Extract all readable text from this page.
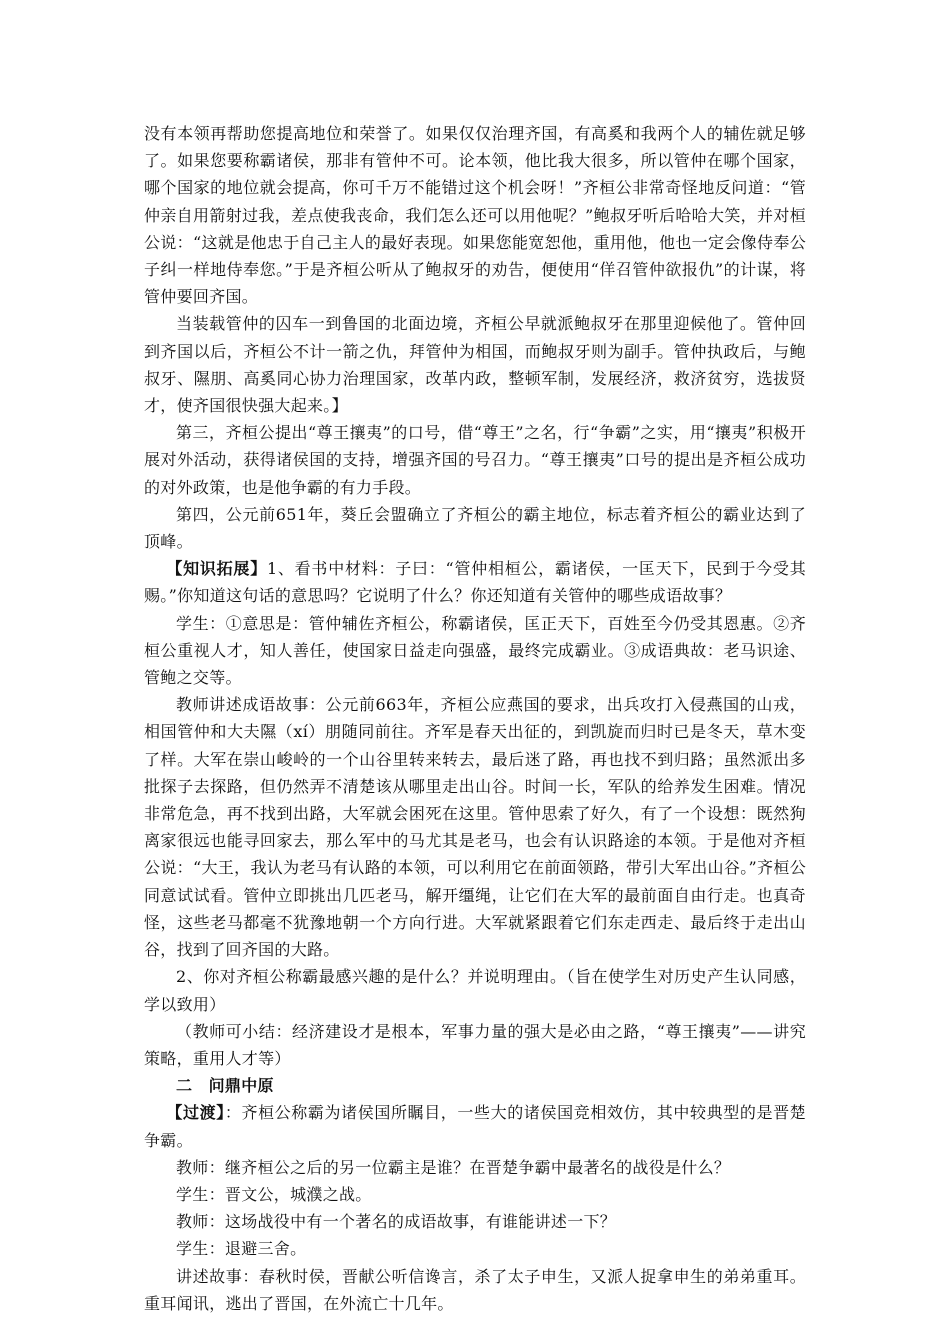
没有本领再帮助您提高地位和荣誉了。如果仅仅治理齐国，有高奚和我两个人的辅佐就足够了。如果您要称霸诸侯，那非有管仲不可。论本领，他比我大很多，所以管仲在哪个国家，哪个国家的地位就会提高，你可千万不能错过这个机会呀！”齐桓公非常奇怪地反问道：“管仲亲自用箭射过我，差点使我丧命，我们怎么还可以用他呢？”鲍叔牙听后哈哈大笑，并对桓公说：“这就是他忠于自己主人的最好表现。如果您能宽恕他，重用他，他也一定会像侍奉公子纠一样地侍奉您。”于是齐桓公听从了鲍叔牙的劝告，便使用“佯召管仲欲报仇”的计谋，将管仲要回齐国。

当装载管仲的囚车一到鲁国的北面边境，齐桓公早就派鲍叔牙在那里迎候他了。管仲回到齐国以后，齐桓公不计一箭之仇，拜管仲为相国，而鲍叔牙则为副手。管仲执政后，与鲍叔牙、隰朋、高奚同心协力治理国家，改革内政，整顿军制，发展经济，救济贫穷，选拔贤才，使齐国很快强大起来。】

第三，齐桓公提出“尊王攘夷”的口号，借“尊王”之名，行“争霸”之实，用“攘夷”积极开展对外活动，获得诸侯国的支持，增强齐国的号召力。“尊王攘夷”口号的提出是齐桓公成功的对外政策，也是他争霸的有力手段。

第四，公元前651年，葵丘会盟确立了齐桓公的霸主地位，标志着齐桓公的霸业达到了顶峰。

【知识拓展】1、看书中材料：子曰：“管仲相桓公，霸诸侯，一匡天下，民到于今受其赐。”你知道这句话的意思吗？它说明了什么？你还知道有关管仲的哪些成语故事？

学生：①意思是：管仲辅佐齐桓公，称霸诸侯，匡正天下，百姓至今仍受其恩惠。②齐桓公重视人才，知人善任，使国家日益走向强盛，最终完成霸业。③成语典故：老马识途、管鲍之交等。

教师讲述成语故事：公元前663年，齐桓公应燕国的要求，出兵攻打入侵燕国的山戎，相国管仲和大夫隰（xí）朋随同前往。齐军是春天出征的，到凯旋而归时已是冬天，草木变了样。大军在崇山峻岭的一个山谷里转来转去，最后迷了路，再也找不到归路；虽然派出多批探子去探路，但仍然弄不清楚该从哪里走出山谷。时间一长，军队的给养发生困难。情况非常危急，再不找到出路，大军就会困死在这里。管仲思索了好久，有了一个设想：既然狗离家很远也能寻回家去，那么军中的马尤其是老马，也会有认识路途的本领。于是他对齐桓公说：“大王，我认为老马有认路的本领，可以利用它在前面领路，带引大军出山谷。”齐桓公同意试试看。管仲立即挑出几匹老马，解开缰绳，让它们在大军的最前面自由行走。也真奇怪，这些老马都毫不犹豫地朝一个方向行进。大军就紧跟着它们东走西走、最后终于走出山谷，找到了回齐国的大路。

2、你对齐桓公称霸最感兴趣的是什么？并说明理由。（旨在使学生对历史产生认同感，学以致用）

（教师可小结：经济建设才是根本，军事力量的强大是必由之路，“尊王攘夷”——讲究策略，重用人才等）

二　问鼎中原

【过渡】：齐桓公称霸为诸侯国所瞩目，一些大的诸侯国竞相效仿，其中较典型的是晋楚争霸。

教师：继齐桓公之后的另一位霸主是谁？在晋楚争霸中最著名的战役是什么？

学生：晋文公，城濮之战。

教师：这场战役中有一个著名的成语故事，有谁能讲述一下？

学生：退避三舍。

讲述故事：春秋时侯，晋献公听信谗言，杀了太子申生，又派人捉拿申生的弟弟重耳。重耳闻讯，逃出了晋国，在外流亡十几年。
